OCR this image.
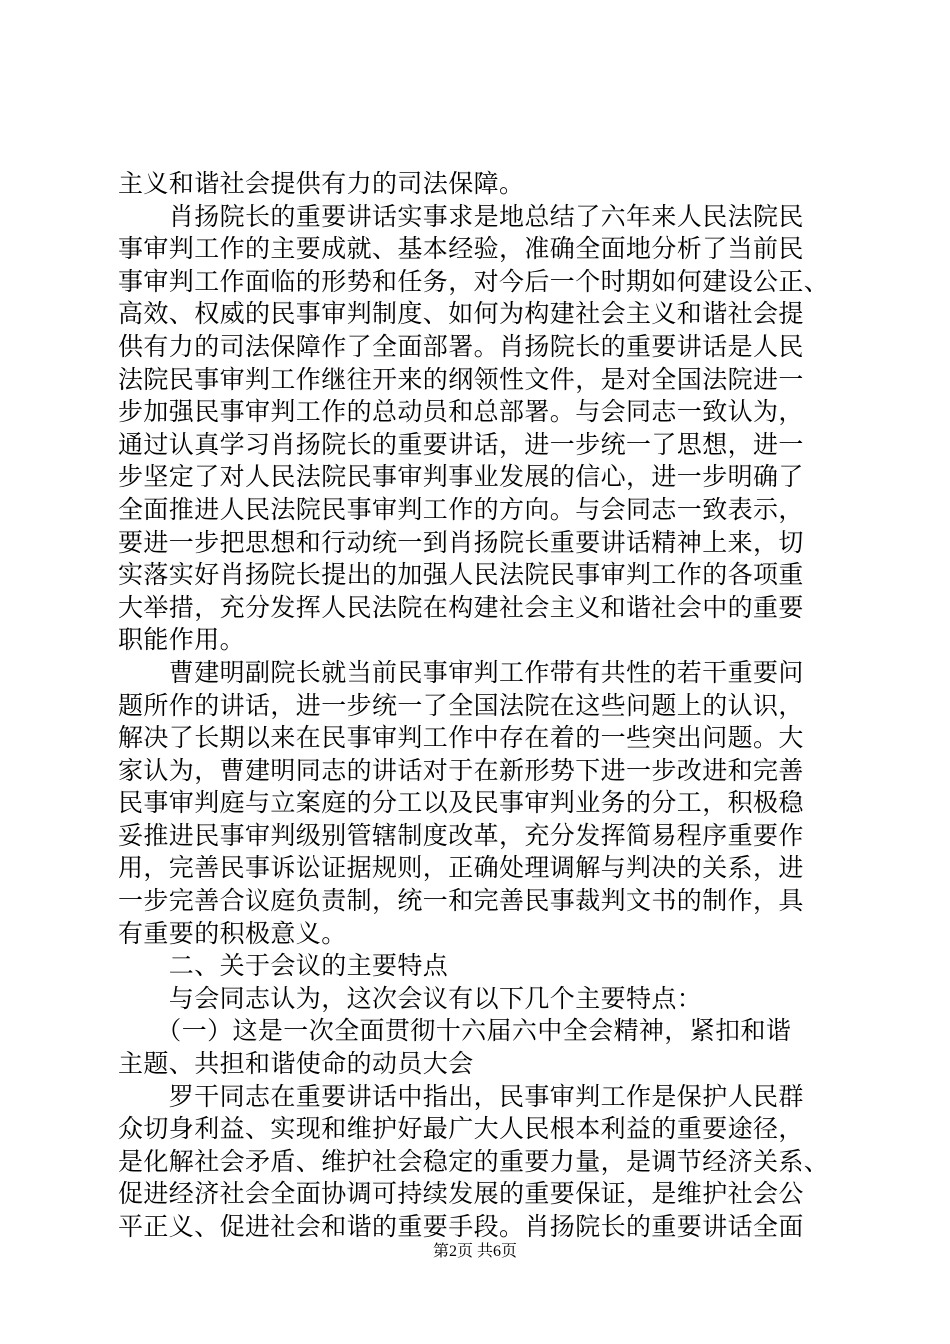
主义和谐社会提供有力的司法保障。
　　肖扬院长的重要讲话实事求是地总结了六年来人民法院民
事审判工作的主要成就、基本经验，准确全面地分析了当前民
事审判工作面临的形势和任务，对今后一个时期如何建设公正、
高效、权威的民事审判制度、如何为构建社会主义和谐社会提
供有力的司法保障作了全面部署。肖扬院长的重要讲话是人民
法院民事审判工作继往开来的纲领性文件，是对全国法院进一
步加强民事审判工作的总动员和总部署。与会同志一致认为，
通过认真学习肖扬院长的重要讲话，进一步统一了思想，进一
步坚定了对人民法院民事审判事业发展的信心，进一步明确了
全面推进人民法院民事审判工作的方向。与会同志一致表示，
要进一步把思想和行动统一到肖扬院长重要讲话精神上来，切
实落实好肖扬院长提出的加强人民法院民事审判工作的各项重
大举措，充分发挥人民法院在构建社会主义和谐社会中的重要
职能作用。
　　曹建明副院长就当前民事审判工作带有共性的若干重要问
题所作的讲话，进一步统一了全国法院在这些问题上的认识，
解决了长期以来在民事审判工作中存在着的一些突出问题。大
家认为，曹建明同志的讲话对于在新形势下进一步改进和完善
民事审判庭与立案庭的分工以及民事审判业务的分工，积极稳
妥推进民事审判级别管辖制度改革，充分发挥简易程序重要作
用，完善民事诉讼证据规则，正确处理调解与判决的关系，进
一步完善合议庭负责制，统一和完善民事裁判文书的制作，具
有重要的积极意义。
　　二、关于会议的主要特点
　　与会同志认为，这次会议有以下几个主要特点：
　　（一）这是一次全面贯彻十六届六中全会精神，紧扣和谐
主题、共担和谐使命的动员大会
　　罗干同志在重要讲话中指出，民事审判工作是保护人民群
众切身利益、实现和维护好最广大人民根本利益的重要途径，
是化解社会矛盾、维护社会稳定的重要力量，是调节经济关系、
促进经济社会全面协调可持续发展的重要保证，是维护社会公
平正义、促进社会和谐的重要手段。肖扬院长的重要讲话全面
第2页 共6页
